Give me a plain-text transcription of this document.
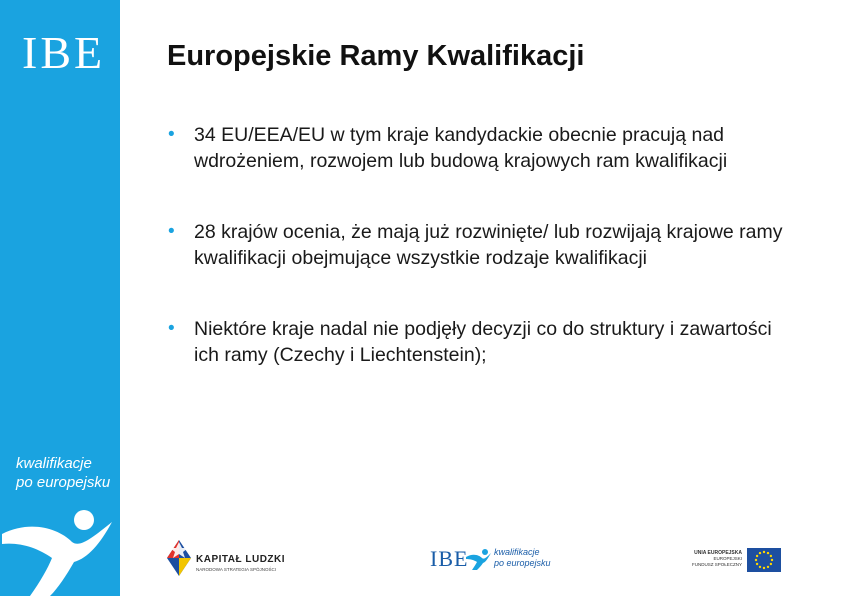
IBE
kwalifikacje
po europejsku
Europejskie Ramy Kwalifikacji
• 34 EU/EEA/EU w tym kraje kandydackie obecnie pracują nad wdrożeniem, rozwojem lub budową krajowych ram kwalifikacji
• 28 krajów ocenia, że mają już rozwinięte/ lub rozwijają krajowe ramy kwalifikacji obejmujące wszystkie rodzaje kwalifikacji
• Niektóre kraje nadal nie podjęły decyzji co do struktury i zawartości ich ramy (Czechy i Liechtenstein);
KAPITAŁ LUDZKI
NARODOWA STRATEGIA SPÓJNOŚCI	IBE	kwalifikacje
po europejsku
UNIA EUROPEJSKA
EUROPEJSKI
FUNDUSZ SPOŁECZNY
